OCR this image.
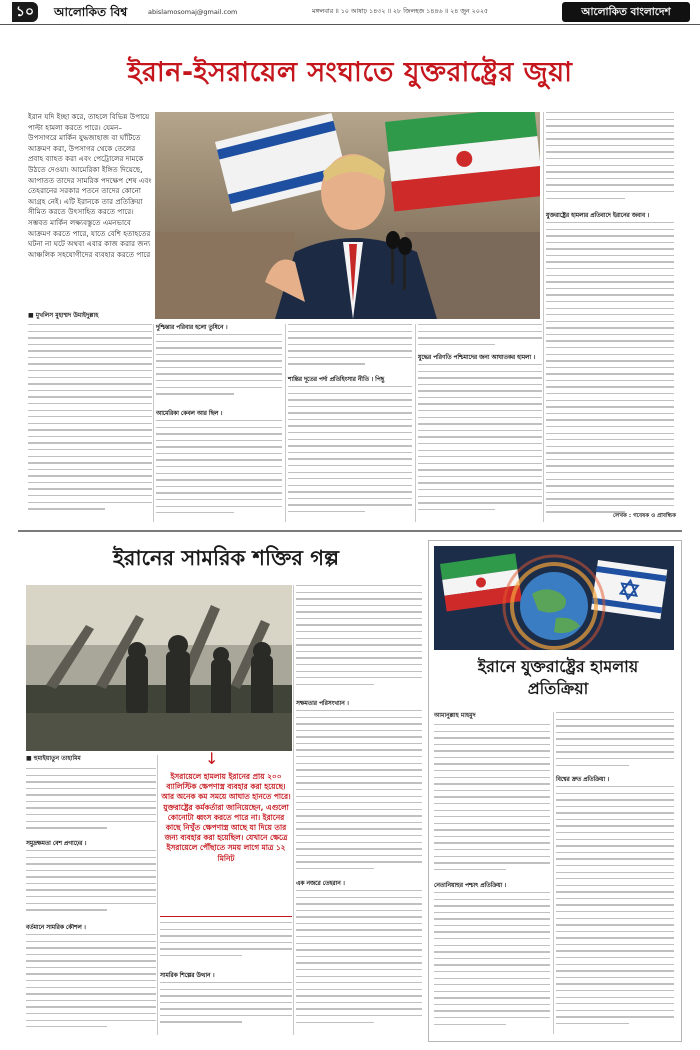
১০ আলোকিত বিশ্ব	abislamosomaj@gmail.com	মঙ্গলবার ॥ ১০ আষাঢ় ১৪৩২ ॥ ২৮ জিলহজ ১৪৪৬ ॥ ২৪ জুন ২০২৫	আলোকিত বাংলাদেশ
ইরান-ইসরায়েল সংঘাতে যুক্তরাষ্ট্রের জুয়া
ইরান যদি ইচ্ছা করে, তাহলে বিভিন্ন উপায়ে পাল্টা হামলা করতে পারে। যেমন– উপসাগরে মার্কিন যুদ্ধজাহাজ বা ঘাঁটিতে আক্রমণ করা, উপসাগর থেকে তেলের প্রবাহ ব্যাহত করা এবং পেট্রোলের দামকে উঠতে দেওয়া। আমেরিকা ইঙ্গিত দিয়েছে, আপাতত তাদের সামরিক পদক্ষেপ শেষ এবং তেহরানের সরকার পতনে তাদের কোনো আগ্রহ নেই। এটি ইরানকে তার প্রতিক্রিয়া সীমিত করতে উৎসাহিত করতে পারে। সম্ভবত মার্কিন লক্ষ্যবস্তুতে এমনভাবে আক্রমণ করতে পারে, যাতে বেশি হতাহতের ঘটনা না ঘটে অথবা এবার কাজ করার জন্য আঞ্চলিক সহযোগীদের ব্যবহার করতে পারে
যুক্তরাষ্ট্রের হামলার প্রতিবাদে ইরানের জবাব ।
■ মুখলিস মুহাম্মদ উমাইদুল্লাহ
দুশ্চিন্তার পরিবার হলো তুষিনে ।
আমেরিকা কেবল আর ছিল ।
শান্তির দূতের পর্দা প্রতিহিংসার নীতি । পিছু
যুদ্ধের পরিণতি পশ্চিমাদের জন্য আঘাতকর হামলা ।
লেখক : গবেষক ও প্রাবন্ধিক
ইরানের সামরিক শক্তির গল্প
↓
ইসরায়েলে হামলায় ইরানের প্রায় ২০০ ব্যালিস্টিক ক্ষেপণাস্ত্র ব্যবহার করা হয়েছে। আর অনেক কম সময়ে আঘাত হানতে পারে। যুক্তরাষ্ট্রের কর্মকর্তারা জানিয়েছেন, এগুলো কোনোটা ধ্বংস করতে পারে না। ইরানের কাছে নিখুঁত ক্ষেপণাস্ত্র আছে যা দিয়ে তার জন্য ব্যবহার করা হয়েছিল। যেখানে ক্ষেত্রে ইসরায়েলে পৌঁছাতে সময় লাগে মাত্র ১২ মিনিট
■ হুমাইয়াতুন তাহামিম
সমুদ্রক্ষমতা বেশ প্রগাঢ়ের ।
বর্তমানে সামরিক কৌশল ।
সামরিক শিল্পের উত্থান ।
সক্ষমতার পরিসংখ্যান ।
এক নজরে তেহরান ।
ইরানে যুক্তরাষ্ট্রের হামলায় প্রতিক্রিয়া
আমানুল্লাহ মাহমুদ
নেতানিয়াহুর পশ্চাৎ প্রতিক্রিয়া ।
বিশ্বের দ্রুত প্রতিক্রিয়া ।
